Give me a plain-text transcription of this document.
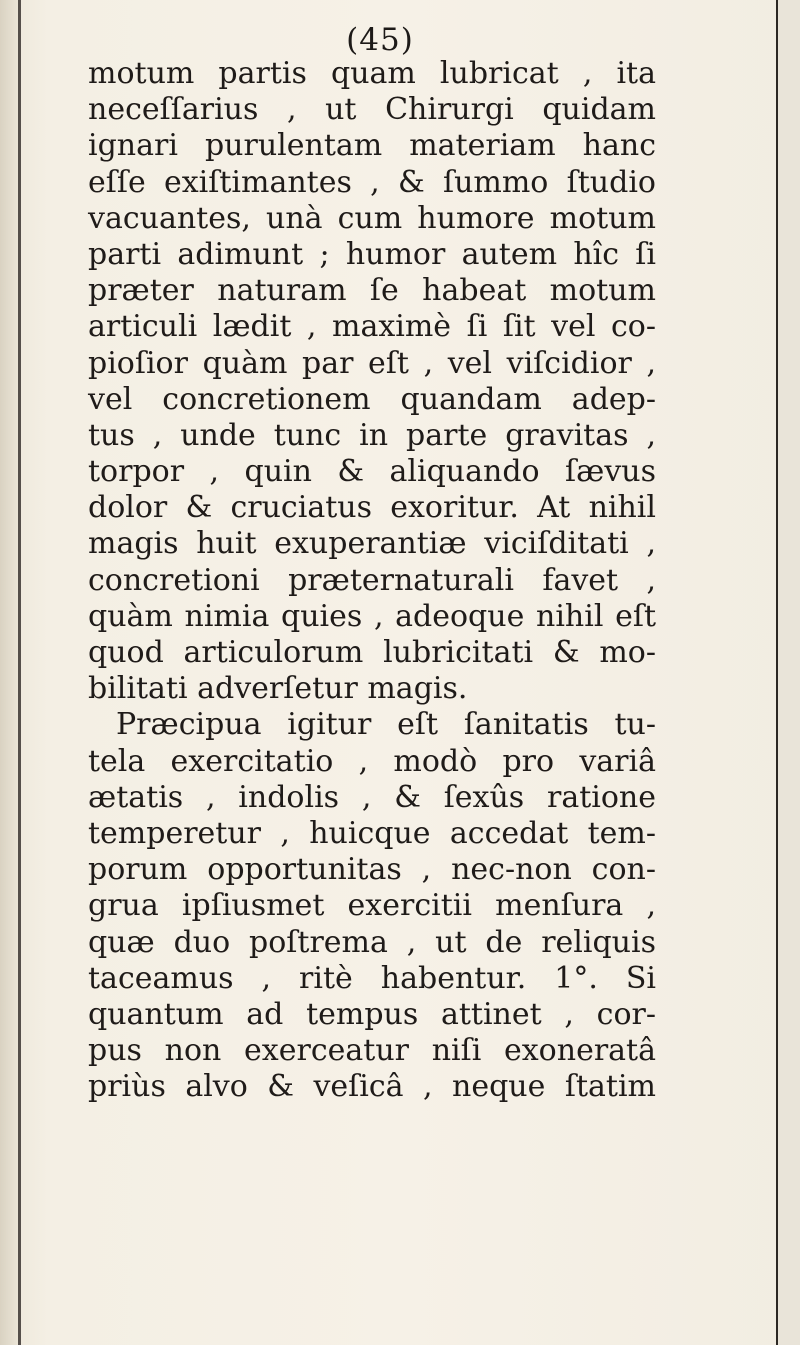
(45)
motum partis quam lubricat , ita
neceſſarius , ut Chirurgi quidam
ignari purulentam materiam hanc
eſſe exiſtimantes , & ſummo ſtudio
vacuantes, unà cum humore motum
parti adimunt ; humor autem hîc ſi
præter naturam ſe habeat motum
articuli lædit , maximè ſi ſit vel co-
pioſior quàm par eſt , vel viſcidior ,
vel concretionem quandam adep-
tus , unde tunc in parte gravitas ,
torpor , quin & aliquando ſævus
dolor & cruciatus exoritur. At nihil
magis huit exuperantiæ viciſditati ,
concretioni præternaturali favet ,
quàm nimia quies , adeoque nihil eſt
quod articulorum lubricitati & mo-
bilitati adverſetur magis.
Præcipua igitur eſt ſanitatis tu-
tela exercitatio , modò pro variâ
ætatis , indolis , & ſexûs ratione
temperetur , huicque accedat tem-
porum opportunitas , nec-non con-
grua ipſiusmet exercitii menſura ,
quæ duo poſtrema , ut de reliquis
taceamus , ritè habentur. 1°. Si
quantum ad tempus attinet , cor-
pus non exerceatur niſi exoneratâ
priùs alvo & veſicâ , neque ſtatim
